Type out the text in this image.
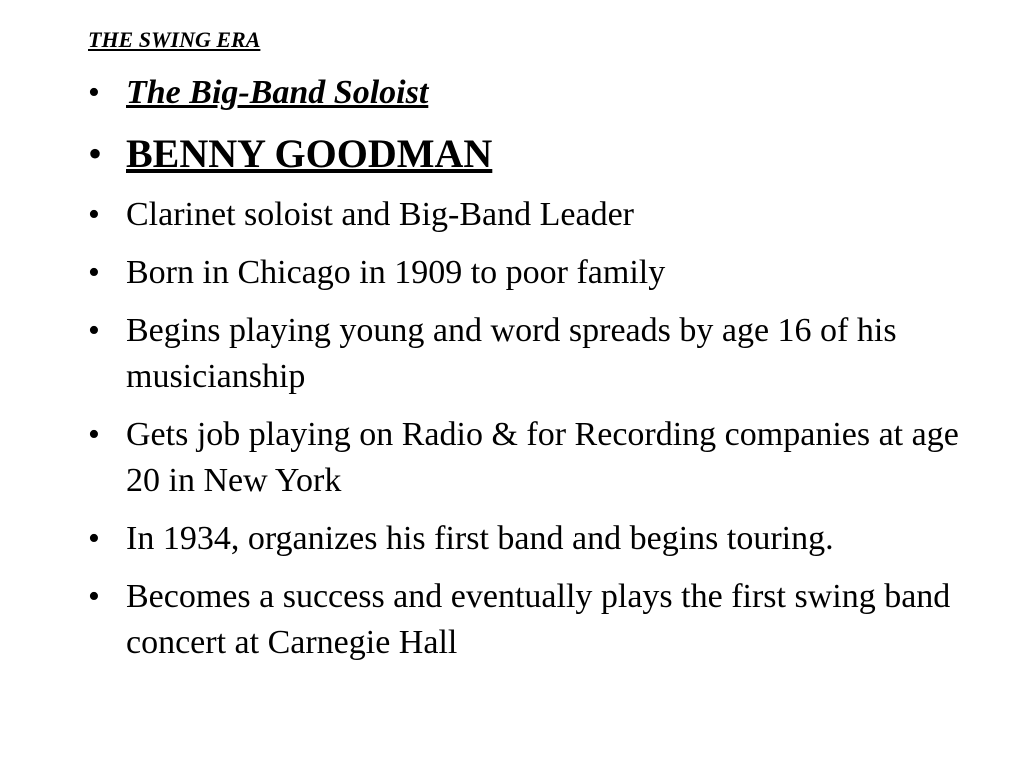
THE SWING ERA
• The Big-Band Soloist
• BENNY GOODMAN
• Clarinet soloist and Big-Band Leader
• Born in Chicago in 1909 to poor family
• Begins playing young and word spreads by age 16 of his musicianship
• Gets job playing on Radio & for Recording companies at age 20 in New York
• In 1934, organizes his first band and begins touring.
• Becomes a success and eventually plays the first swing band concert at Carnegie Hall
